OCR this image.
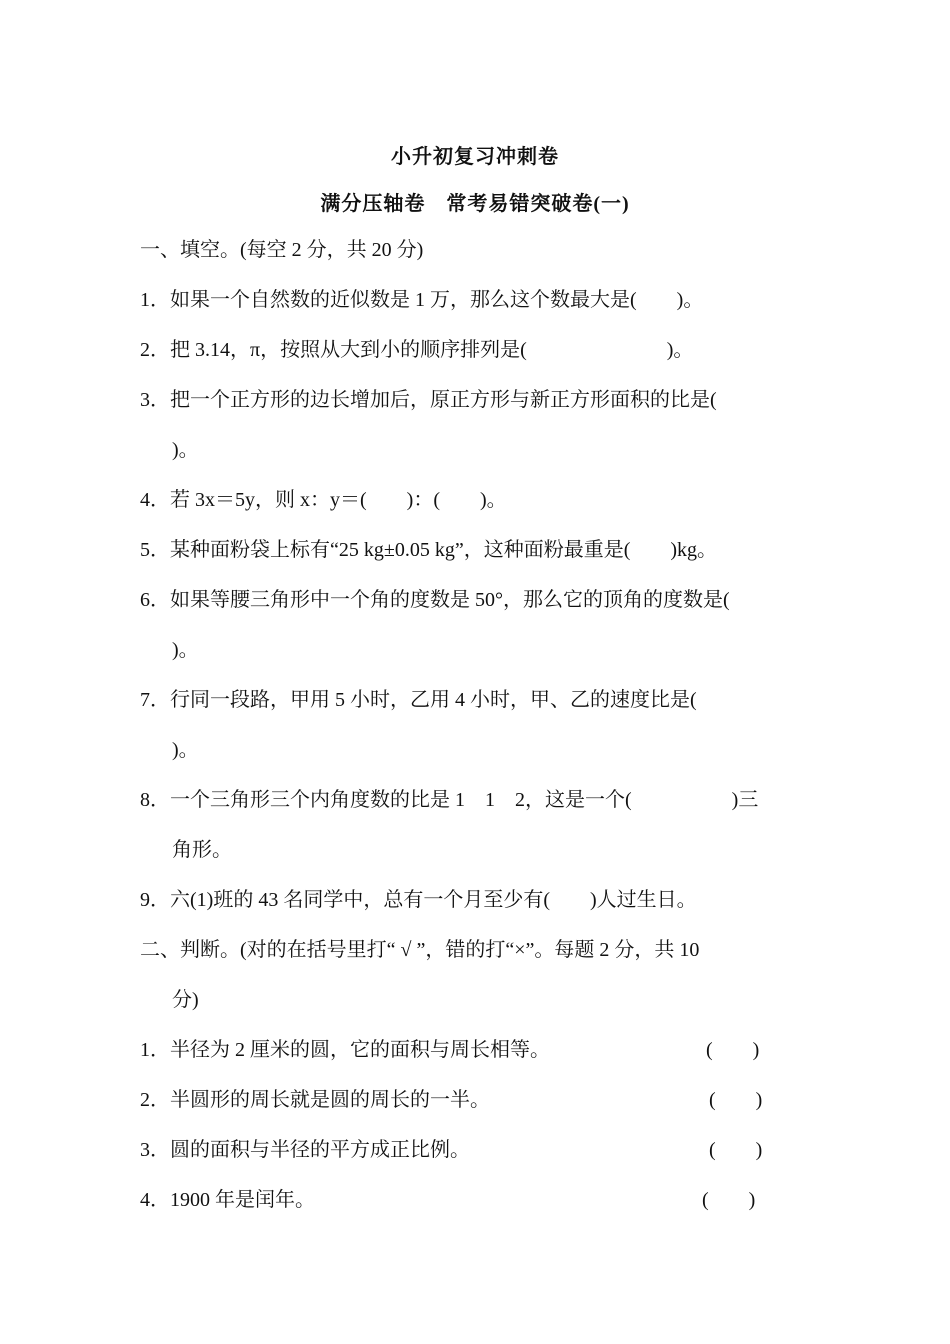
小升初复习冲刺卷
满分压轴卷　常考易错突破卷(一)
一、填空。(每空 2 分，共 20 分)
1．如果一个自然数的近似数是 1 万，那么这个数最大是(　　)。
2．把 3.14，π，按照从大到小的顺序排列是(　　　　　　　)。
3．把一个正方形的边长增加后，原正方形与新正方形面积的比是(
)。
4．若 3x＝5y，则 x：y＝(　　)：(　　)。
5．某种面粉袋上标有“25 kg±0.05 kg”，这种面粉最重是(　　)kg。
6．如果等腰三角形中一个角的度数是 50°，那么它的顶角的度数是(
)。
7．行同一段路，甲用 5 小时，乙用 4 小时，甲、乙的速度比是(
)。
8．一个三角形三个内角度数的比是 1　1　2，这是一个(　　　　　)三
角形。
9．六(1)班的 43 名同学中，总有一个月至少有(　　)人过生日。
二、判断。(对的在括号里打“ √ ”，错的打“×”。每题 2 分，共 10
分)
1．半径为 2 厘米的圆，它的面积与周长相等。	(　　)
2．半圆形的周长就是圆的周长的一半。	(　　)
3．圆的面积与半径的平方成正比例。	(　　)
4．1900 年是闰年。	(　　)
